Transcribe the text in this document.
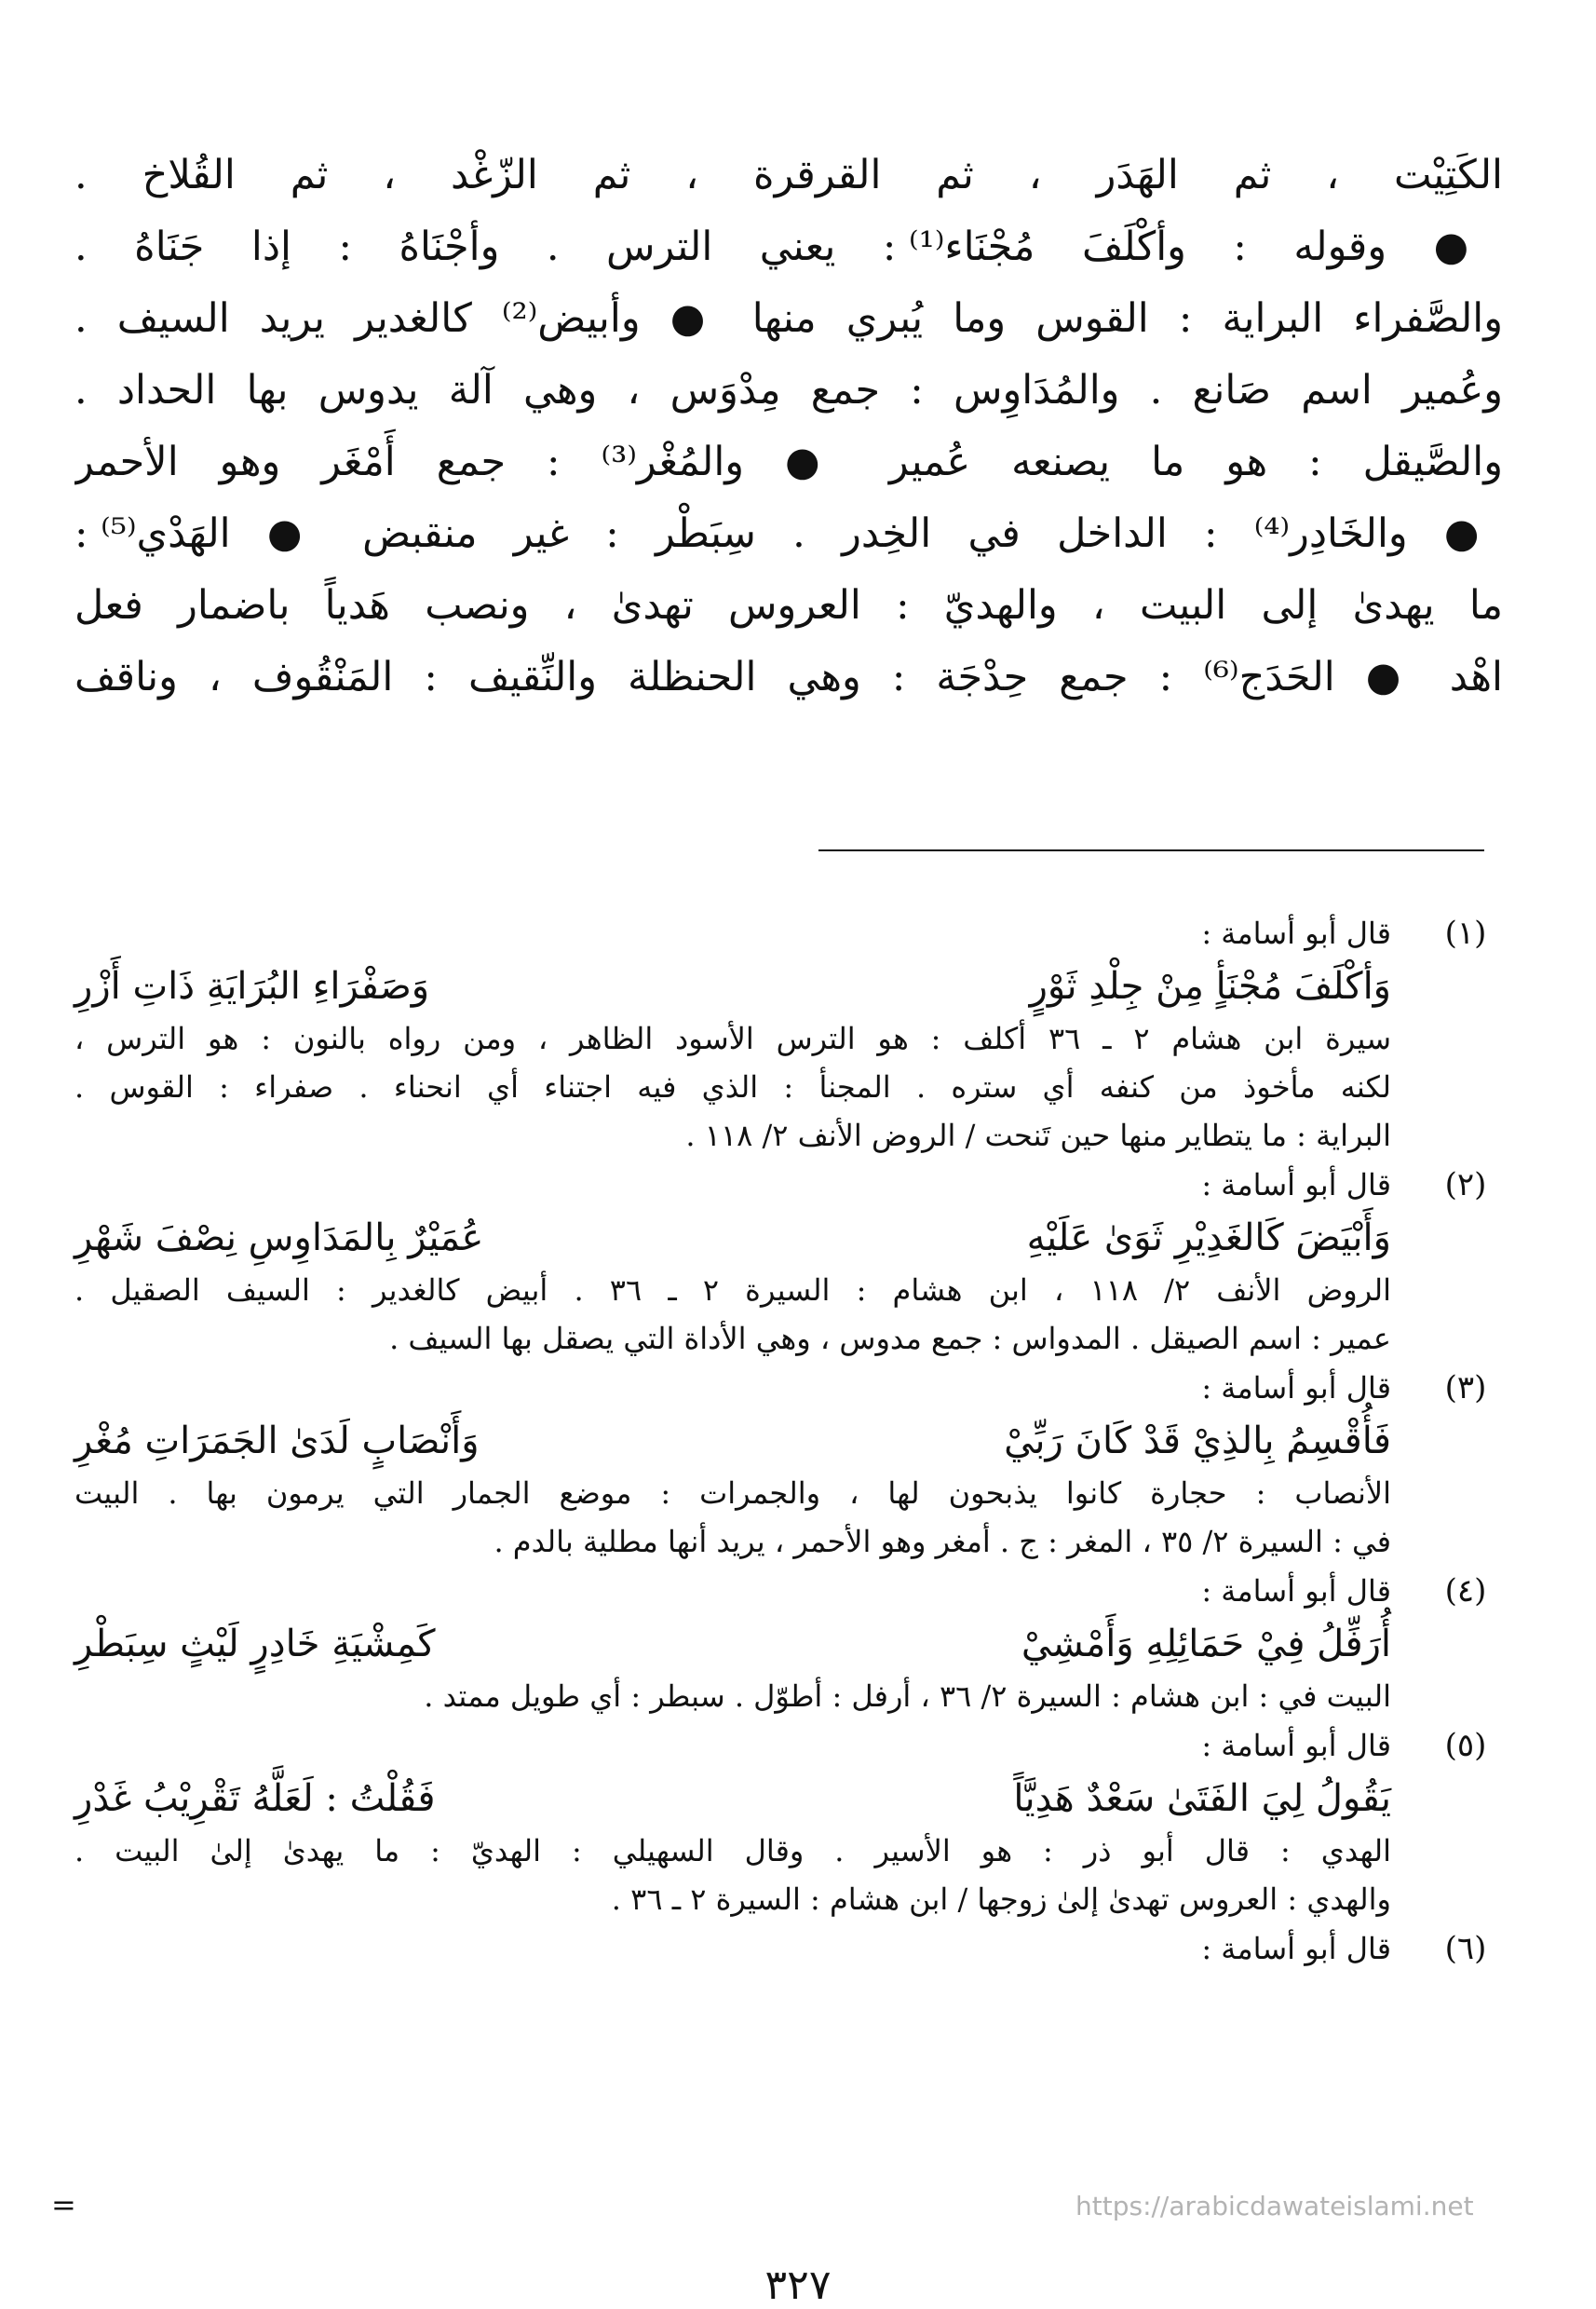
الكَتِيْت ، ثم الهَدَر ، ثم القرقرة ، ثم الزّغْد ، ثم القُلاخ .
● وقوله : وأكْلَفَ مُجْنَاء⁽¹⁾ : يعني الترس . وأجْنَاهُ : إذا جَنَاهُ .
والصَّفراء البراية : القوس وما يُبري منها ● وأبيض⁽²⁾ كالغدير يريد السيف .
وعُمير اسم صَانع . والمُدَاوِس : جمع مِدْوَس ، وهي آلة يدوس بها الحداد .
والصَّيقل : هو ما يصنعه عُمير ● والمُغْر⁽³⁾ : جمع أَمْغَر وهو الأحمر
● والخَادِر⁽⁴⁾ : الداخل في الخِدر . سِبَطْر : غير منقبض ● الهَدْي⁽⁵⁾ :
ما يهدىٰ إلى البيت ، والهديّ : العروس تهدىٰ ، ونصب هَدياً باضمار فعل
اهْد ● الحَدَج⁽⁶⁾ : جمع حِدْجَة : وهي الحنظلة والنِّقيف : المَنْقُوف ، وناقف
(١)
قال أبو أسامة :
وَأكْلَفَ مُجْنَأٍ مِنْ جِلْدِ ثَوْرٍ
وَصَفْرَاءِ البُرَايَةِ ذَاتِ أَزْرِ
سيرة ابن هشام ٢ ـ ٣٦ أكلف : هو الترس الأسود الظاهر ، ومن رواه بالنون : هو الترس ،
لكنه مأخوذ من كنفه أي ستره . المجنأ : الذي فيه اجتناء أي انحناء . صفراء : القوس .
البراية : ما يتطاير منها حين تَنحت / الروض الأنف ٢/ ١١٨ .
(٢)
قال أبو أسامة :
وَأَبْيَضَ كَالغَدِيْرِ ثَوَىٰ عَلَيْهِ
عُمَيْرٌ بِالمَدَاوِسِ نِصْفَ شَهْرِ
الروض الأنف ٢/ ١١٨ ، ابن هشام : السيرة ٢ ـ ٣٦ . أبيض كالغدير : السيف الصقيل .
عمير : اسم الصيقل . المدواس : جمع مدوس ، وهي الأداة التي يصقل بها السيف .
(٣)
قال أبو أسامة :
فَأُقْسِمُ بِالذِيْ قَدْ كَانَ رَبِّيْ
وَأَنْصَابٍ لَدَىٰ الجَمَرَاتِ مُغْرِ
الأنصاب : حجارة كانوا يذبحون لها ، والجمرات : موضع الجمار التي يرمون بها . البيت
في : السيرة ٢/ ٣٥ ، المغر : ج . أمغر وهو الأحمر ، يريد أنها مطلية بالدم .
(٤)
قال أبو أسامة :
أُرَفِّلُ فِيْ حَمَائِلِهِ وَأَمْشِيْ
كَمِشْيَةِ خَادِرٍ لَيْثٍ سِبَطْرِ
البيت في : ابن هشام : السيرة ٢/ ٣٦ ، أرفل : أطوّل . سبطر : أي طويل ممتد .
(٥)
قال أبو أسامة :
يَقُولُ لِيَ الفَتَىٰ سَعْدٌ هَدِيَّاً
فَقُلْتُ : لَعَلَّهُ تَقْرِيْبُ غَدْرِ
الهدي : قال أبو ذر : هو الأسير . وقال السهيلي : الهديّ : ما يهدىٰ إلىٰ البيت .
والهدي : العروس تهدىٰ إلىٰ زوجها / ابن هشام : السيرة ٢ ـ ٣٦ .
(٦)
قال أبو أسامة :
=	https://arabicdawateislami.net
٣٢٧
